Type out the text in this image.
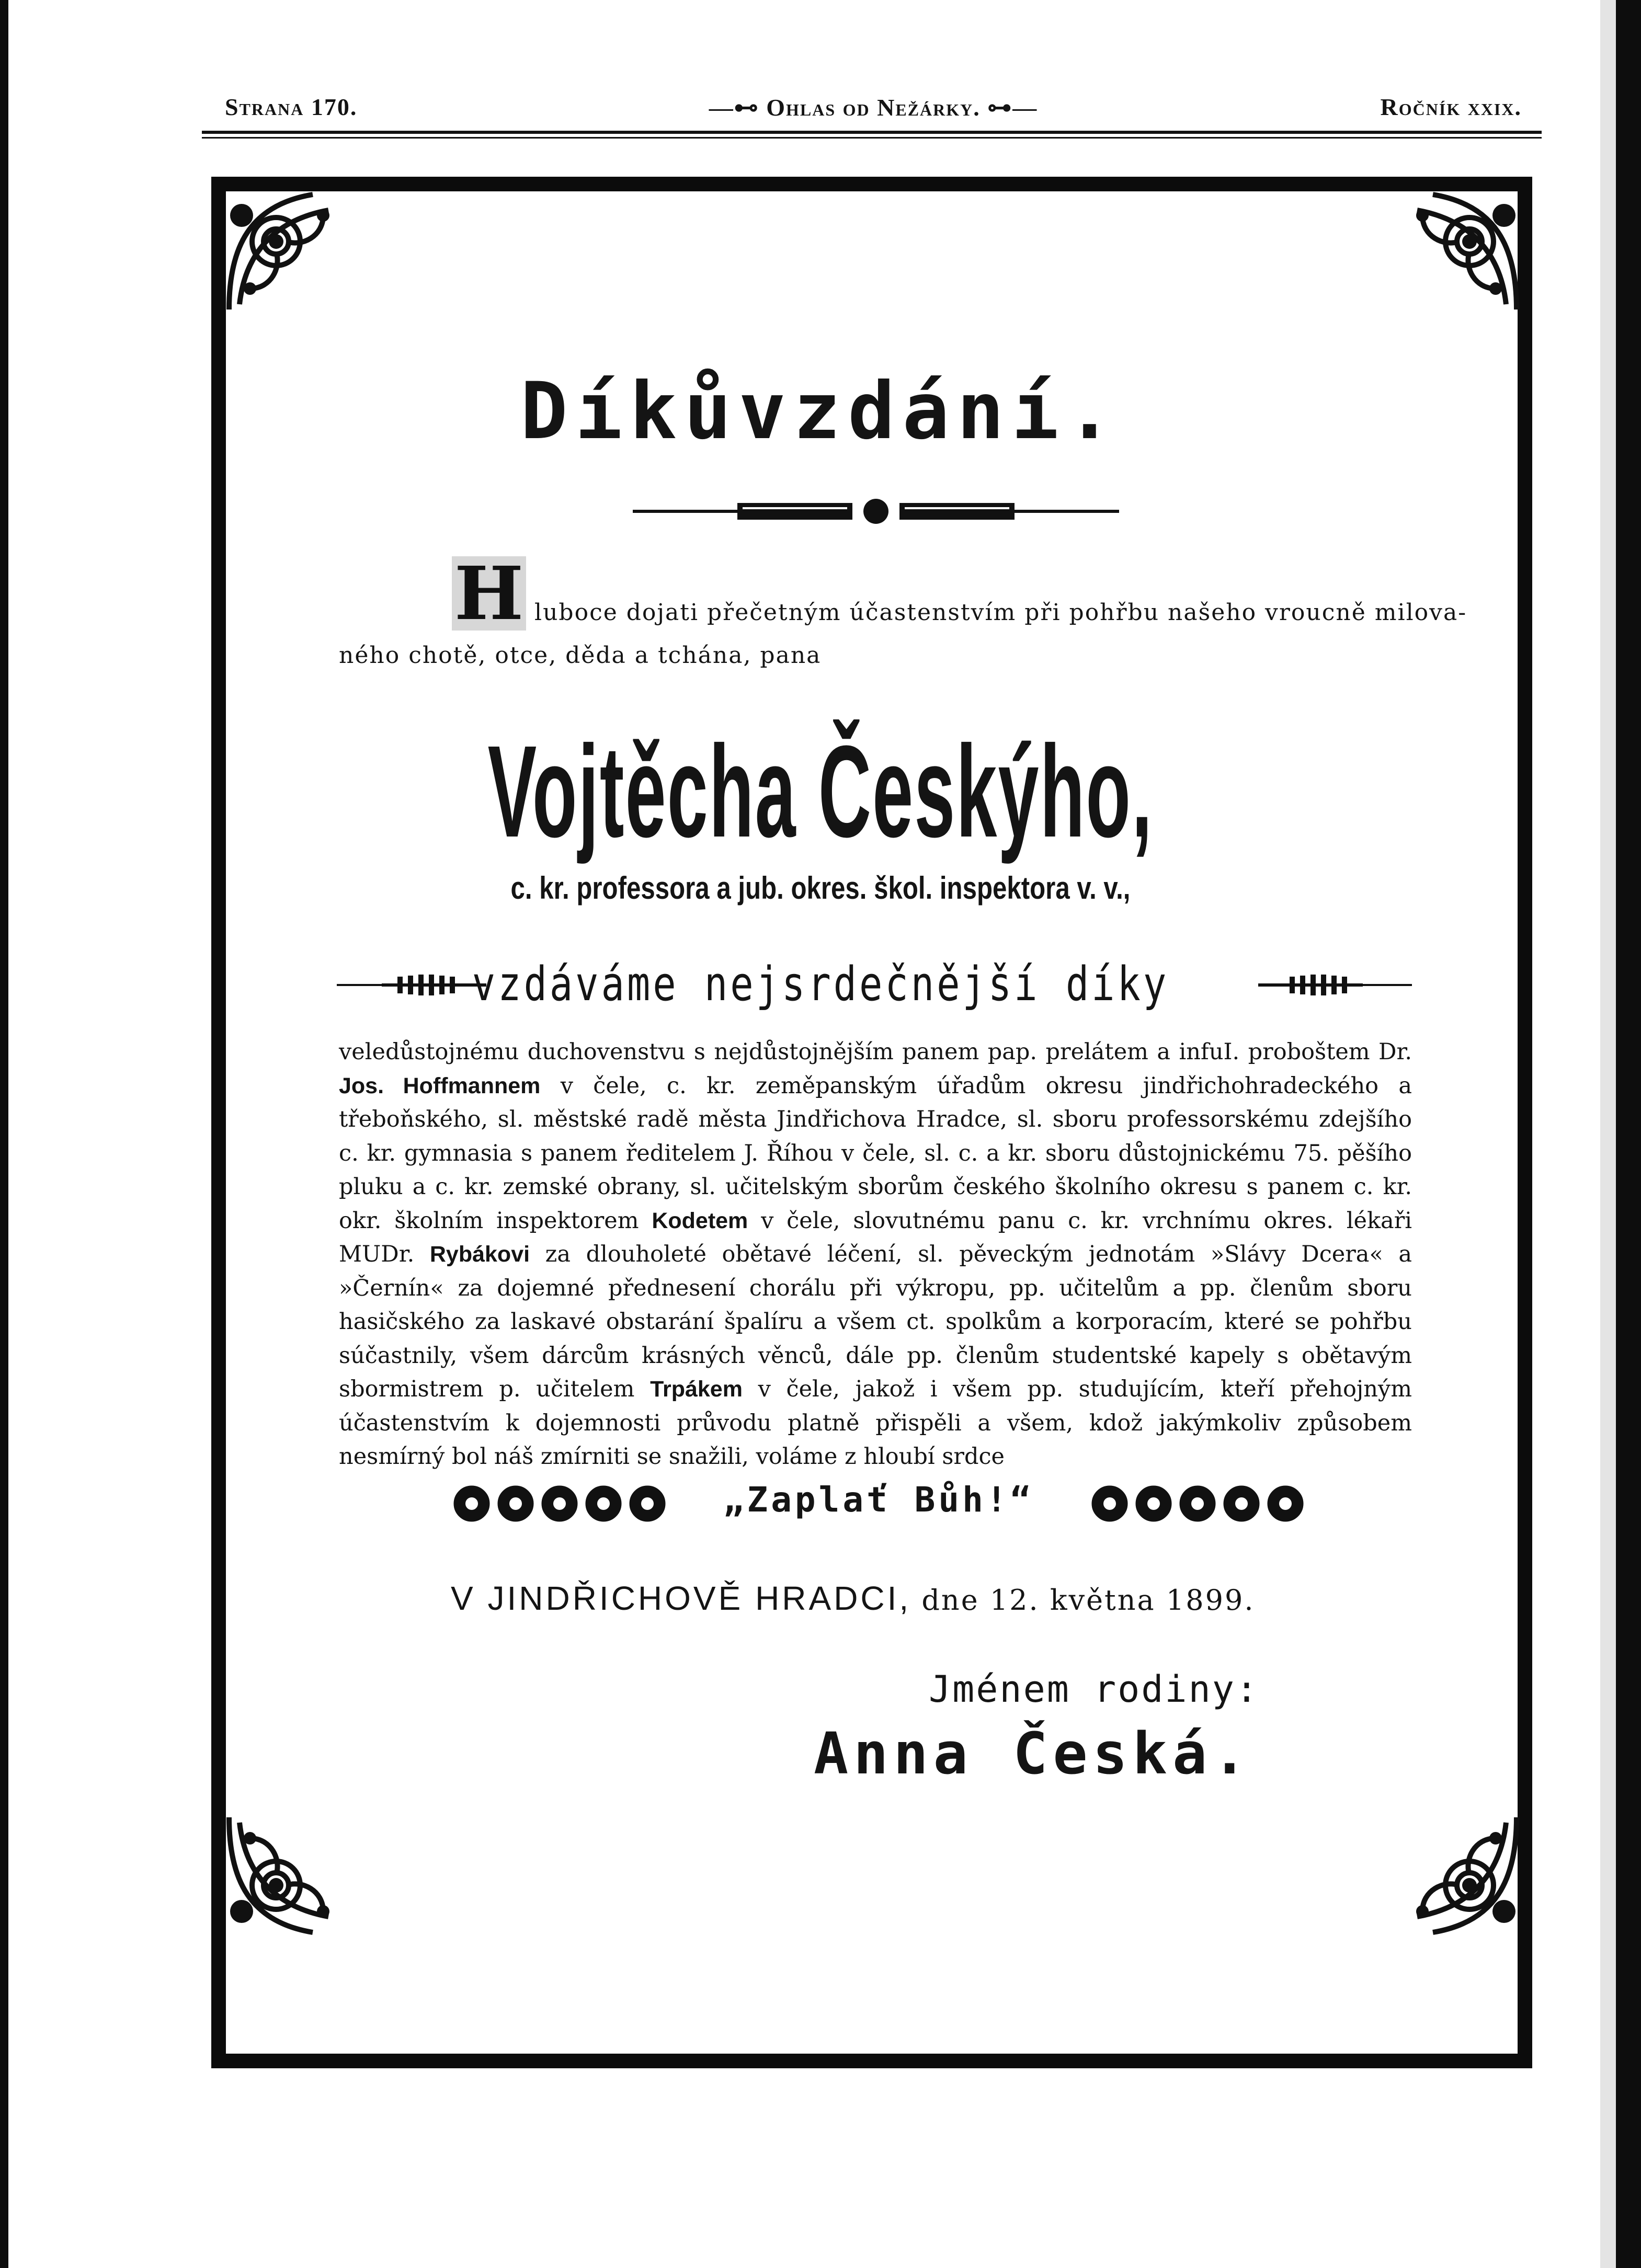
Strana 170.	—⊷ Ohlas od Nežárky. ⊶—	Ročník xxix.
Díkůvzdání.
H luboce dojati přečetným účastenstvím při pohřbu našeho vroucně milova-
ného chotě, otce, děda a tchána, pana
Vojtěcha Českýho,
c. kr. professora a jub. okres. škol. inspektora v. v.,
vzdáváme nejsrdečnější díky
veledůstojnému duchovenstvu s nejdůstojnějším panem pap. prelátem a infuI. proboštem Dr. Jos. Hoffmannem v čele, c. kr. zeměpanským úřadům okresu jindřichohradeckého a třeboňského, sl. městské radě města Jindřichova Hradce, sl. sboru professorskému zdejšího c. kr. gymnasia s panem ředitelem J. Říhou v čele, sl. c. a kr. sboru důstojnickému 75. pěšího pluku a c. kr. zemské obrany, sl. učitelským sborům českého školního okresu s panem c. kr. okr. školním inspektorem Kodetem v čele, slovutnému panu c. kr. vrchnímu okres. lékaři MUDr. Rybákovi za dlouholeté obětavé léčení, sl. pěveckým jednotám »Slávy Dcera« a »Černín« za dojemné přednesení chorálu při výkropu, pp. učitelům a pp. členům sboru hasičského za laskavé obstarání špalíru a všem ct. spolkům a korporacím, které se pohřbu súčastnily, všem dárcům krásných věnců, dále pp. členům studentské kapely s obětavým sbormistrem p. učitelem Trpákem v čele, jakož i všem pp. studujícím, kteří přehojným účastenstvím k dojemnosti průvodu platně přispěli a všem, kdož jakýmkoliv způsobem nesmírný bol náš zmírniti se snažili, voláme z hloubí srdce
„Zaplať Bůh!“
V JINDŘICHOVĚ HRADCI, dne 12. května 1899.
Jménem rodiny:
Anna Česká.
